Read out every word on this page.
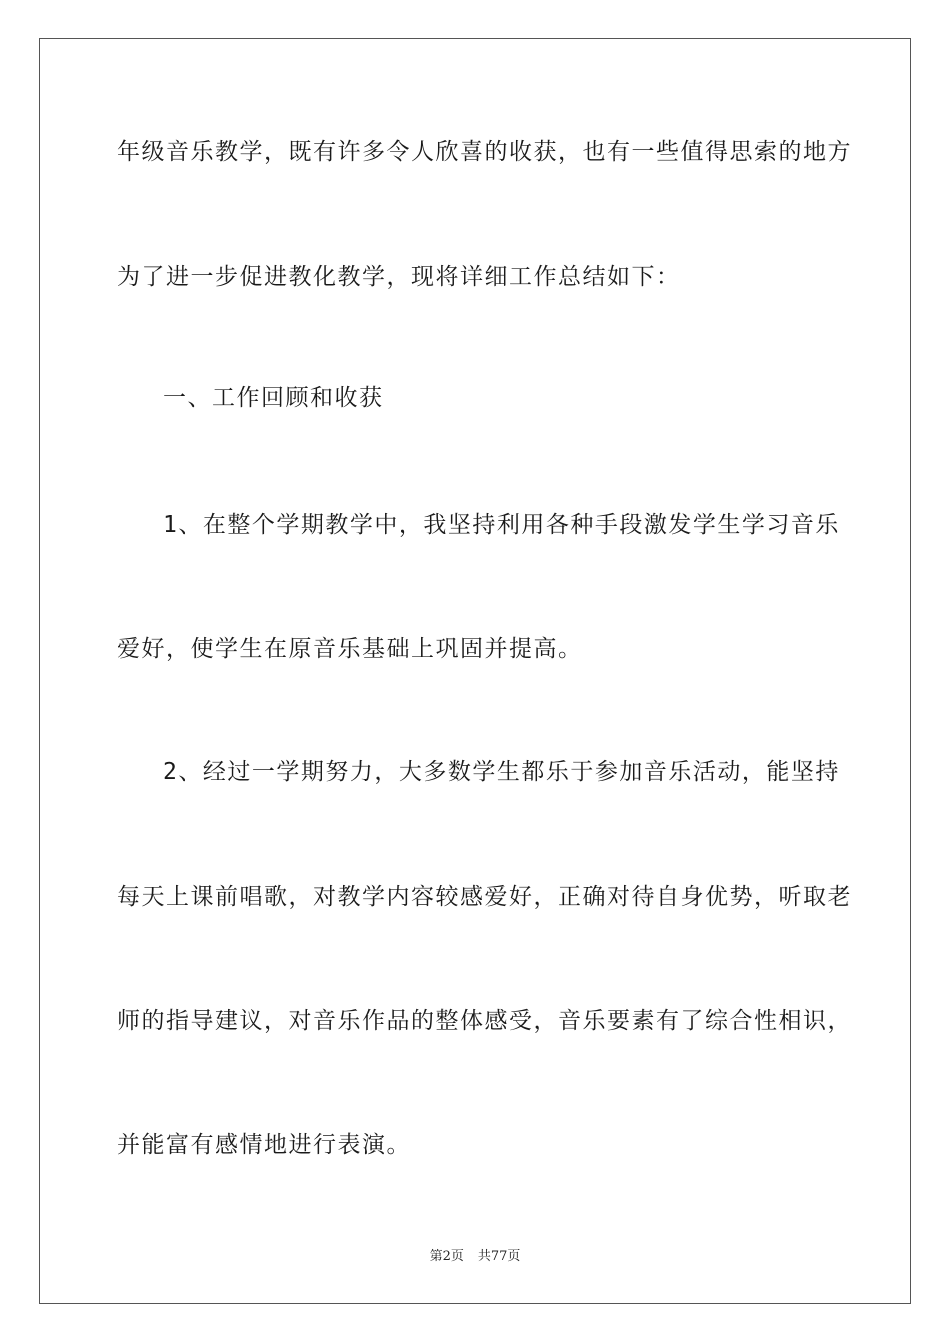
年级音乐教学，既有许多令人欣喜的收获，也有一些值得思索的地方
为了进一步促进教化教学，现将详细工作总结如下：
一、工作回顾和收获
1、在整个学期教学中，我坚持利用各种手段激发学生学习音乐
爱好，使学生在原音乐基础上巩固并提高。
2、经过一学期努力，大多数学生都乐于参加音乐活动，能坚持
每天上课前唱歌，对教学内容较感爱好，正确对待自身优势，听取老
师的指导建议，对音乐作品的整体感受，音乐要素有了综合性相识，
并能富有感情地进行表演。
第2页 共77页
